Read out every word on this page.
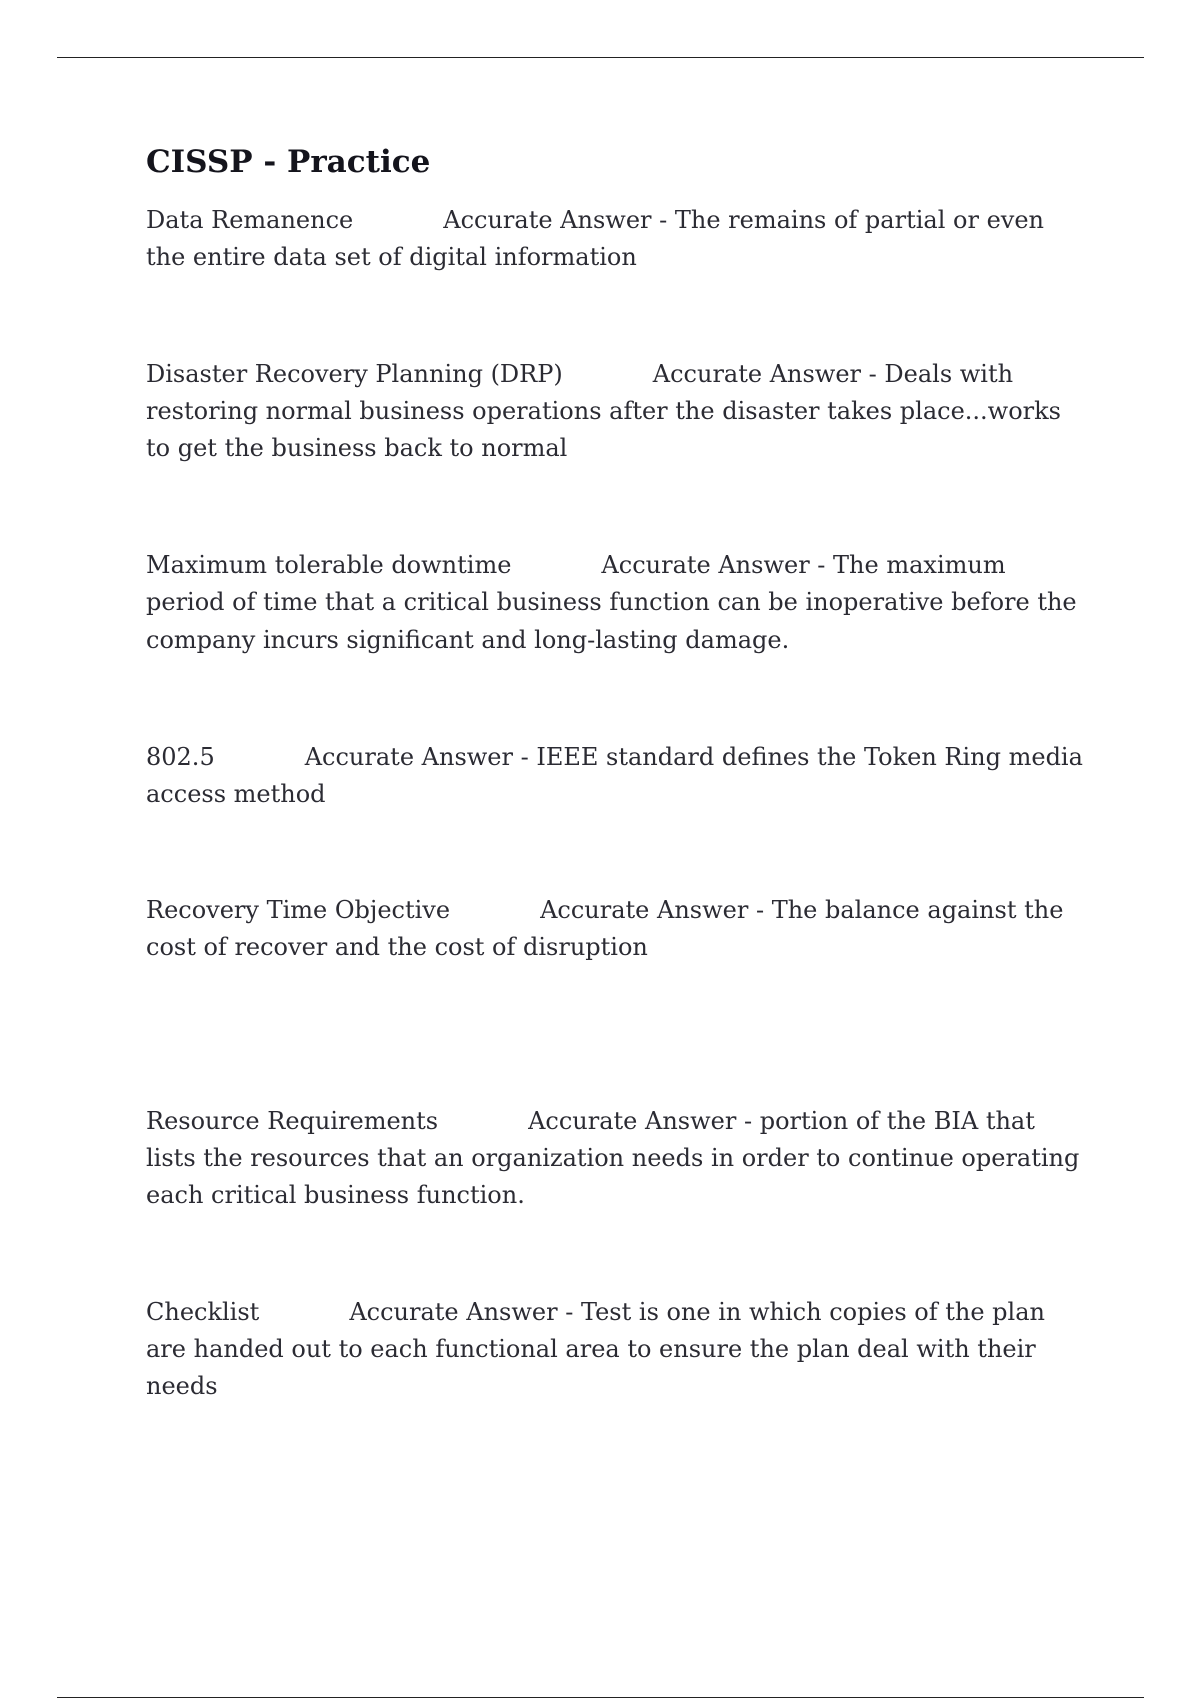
CISSP - Practice

Data Remanence	Accurate Answer - The remains of partial or even the entire data set of digital information

Disaster Recovery Planning (DRP)	Accurate Answer - Deals with restoring normal business operations after the disaster takes place...works to get the business back to normal

Maximum tolerable downtime	Accurate Answer - The maximum period of time that a critical business function can be inoperative before the company incurs significant and long-lasting damage.

802.5	Accurate Answer - IEEE standard defines the Token Ring media access method

Recovery Time Objective	Accurate Answer - The balance against the cost of recover and the cost of disruption

Resource Requirements	Accurate Answer - portion of the BIA that lists the resources that an organization needs in order to continue operating each critical business function.

Checklist	Accurate Answer - Test is one in which copies of the plan are handed out to each functional area to ensure the plan deal with their needs
